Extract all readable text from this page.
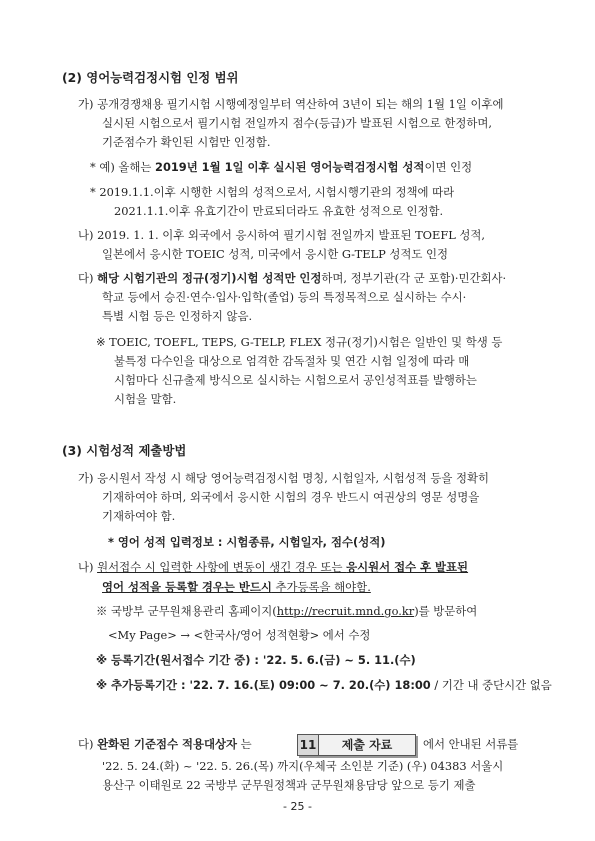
(2) 영어능력검정시험 인정 범위
가) 공개경쟁채용 필기시험 시행예정일부터 역산하여 3년이 되는 해의 1월 1일 이후에
실시된 시험으로서 필기시험 전일까지 점수(등급)가 발표된 시험으로 한정하며,
기준점수가 확인된 시험만 인정함.
* 예) 올해는 2019년 1월 1일 이후 실시된 영어능력검정시험 성적이면 인정
* 2019.1.1.이후 시행한 시험의 성적으로서, 시험시행기관의 정책에 따라
2021.1.1.이후 유효기간이 만료되더라도 유효한 성적으로 인정함.
나) 2019. 1. 1. 이후 외국에서 응시하여 필기시험 전일까지 발표된 TOEFL 성적,
일본에서 응시한 TOEIC 성적, 미국에서 응시한 G-TELP 성적도 인정
다) 해당 시험기관의 정규(정기)시험 성적만 인정하며, 정부기관(각 군 포함)·민간회사·
학교 등에서 승진·연수·입사·입학(졸업) 등의 특정목적으로 실시하는 수시·
특별 시험 등은 인정하지 않음.
※ TOEIC, TOEFL, TEPS, G-TELP, FLEX 정규(정기)시험은 일반인 및 학생 등
불특정 다수인을 대상으로 엄격한 감독절차 및 연간 시험 일정에 따라 매
시험마다 신규출제 방식으로 실시하는 시험으로서 공인성적표를 발행하는
시험을 말함.
(3) 시험성적 제출방법
가) 응시원서 작성 시 해당 영어능력검정시험 명칭, 시험일자, 시험성적 등을 정확히
기재하여야 하며, 외국에서 응시한 시험의 경우 반드시 여권상의 영문 성명을
기재하여야 함.
* 영어 성적 입력정보 : 시험종류, 시험일자, 점수(성적)
나) 원서접수 시 입력한 사항에 변동이 생긴 경우 또는 응시원서 접수 후 발표된
영어 성적을 등록할 경우는 반드시 추가등록을 해야함.
※ 국방부 군무원채용관리 홈페이지(http://recruit.mnd.go.kr)를 방문하여
<My Page> → <한국사/영어 성적현황> 에서 수정
※ 등록기간(원서접수 기간 중) : '22. 5. 6.(금) ~ 5. 11.(수)
※ 추가등록기간 : '22. 7. 16.(토) 09:00 ~ 7. 20.(수) 18:00 / 기간 내 중단시간 없음
다) 완화된 기준점수 적용대상자 는	11	제출 자료	에서 안내된 서류를
'22. 5. 24.(화) ~ '22. 5. 26.(목) 까지(우체국 소인분 기준) (우) 04383 서울시
용산구 이태원로 22 국방부 군무원정책과 군무원채용담당 앞으로 등기 제출
- 25 -
